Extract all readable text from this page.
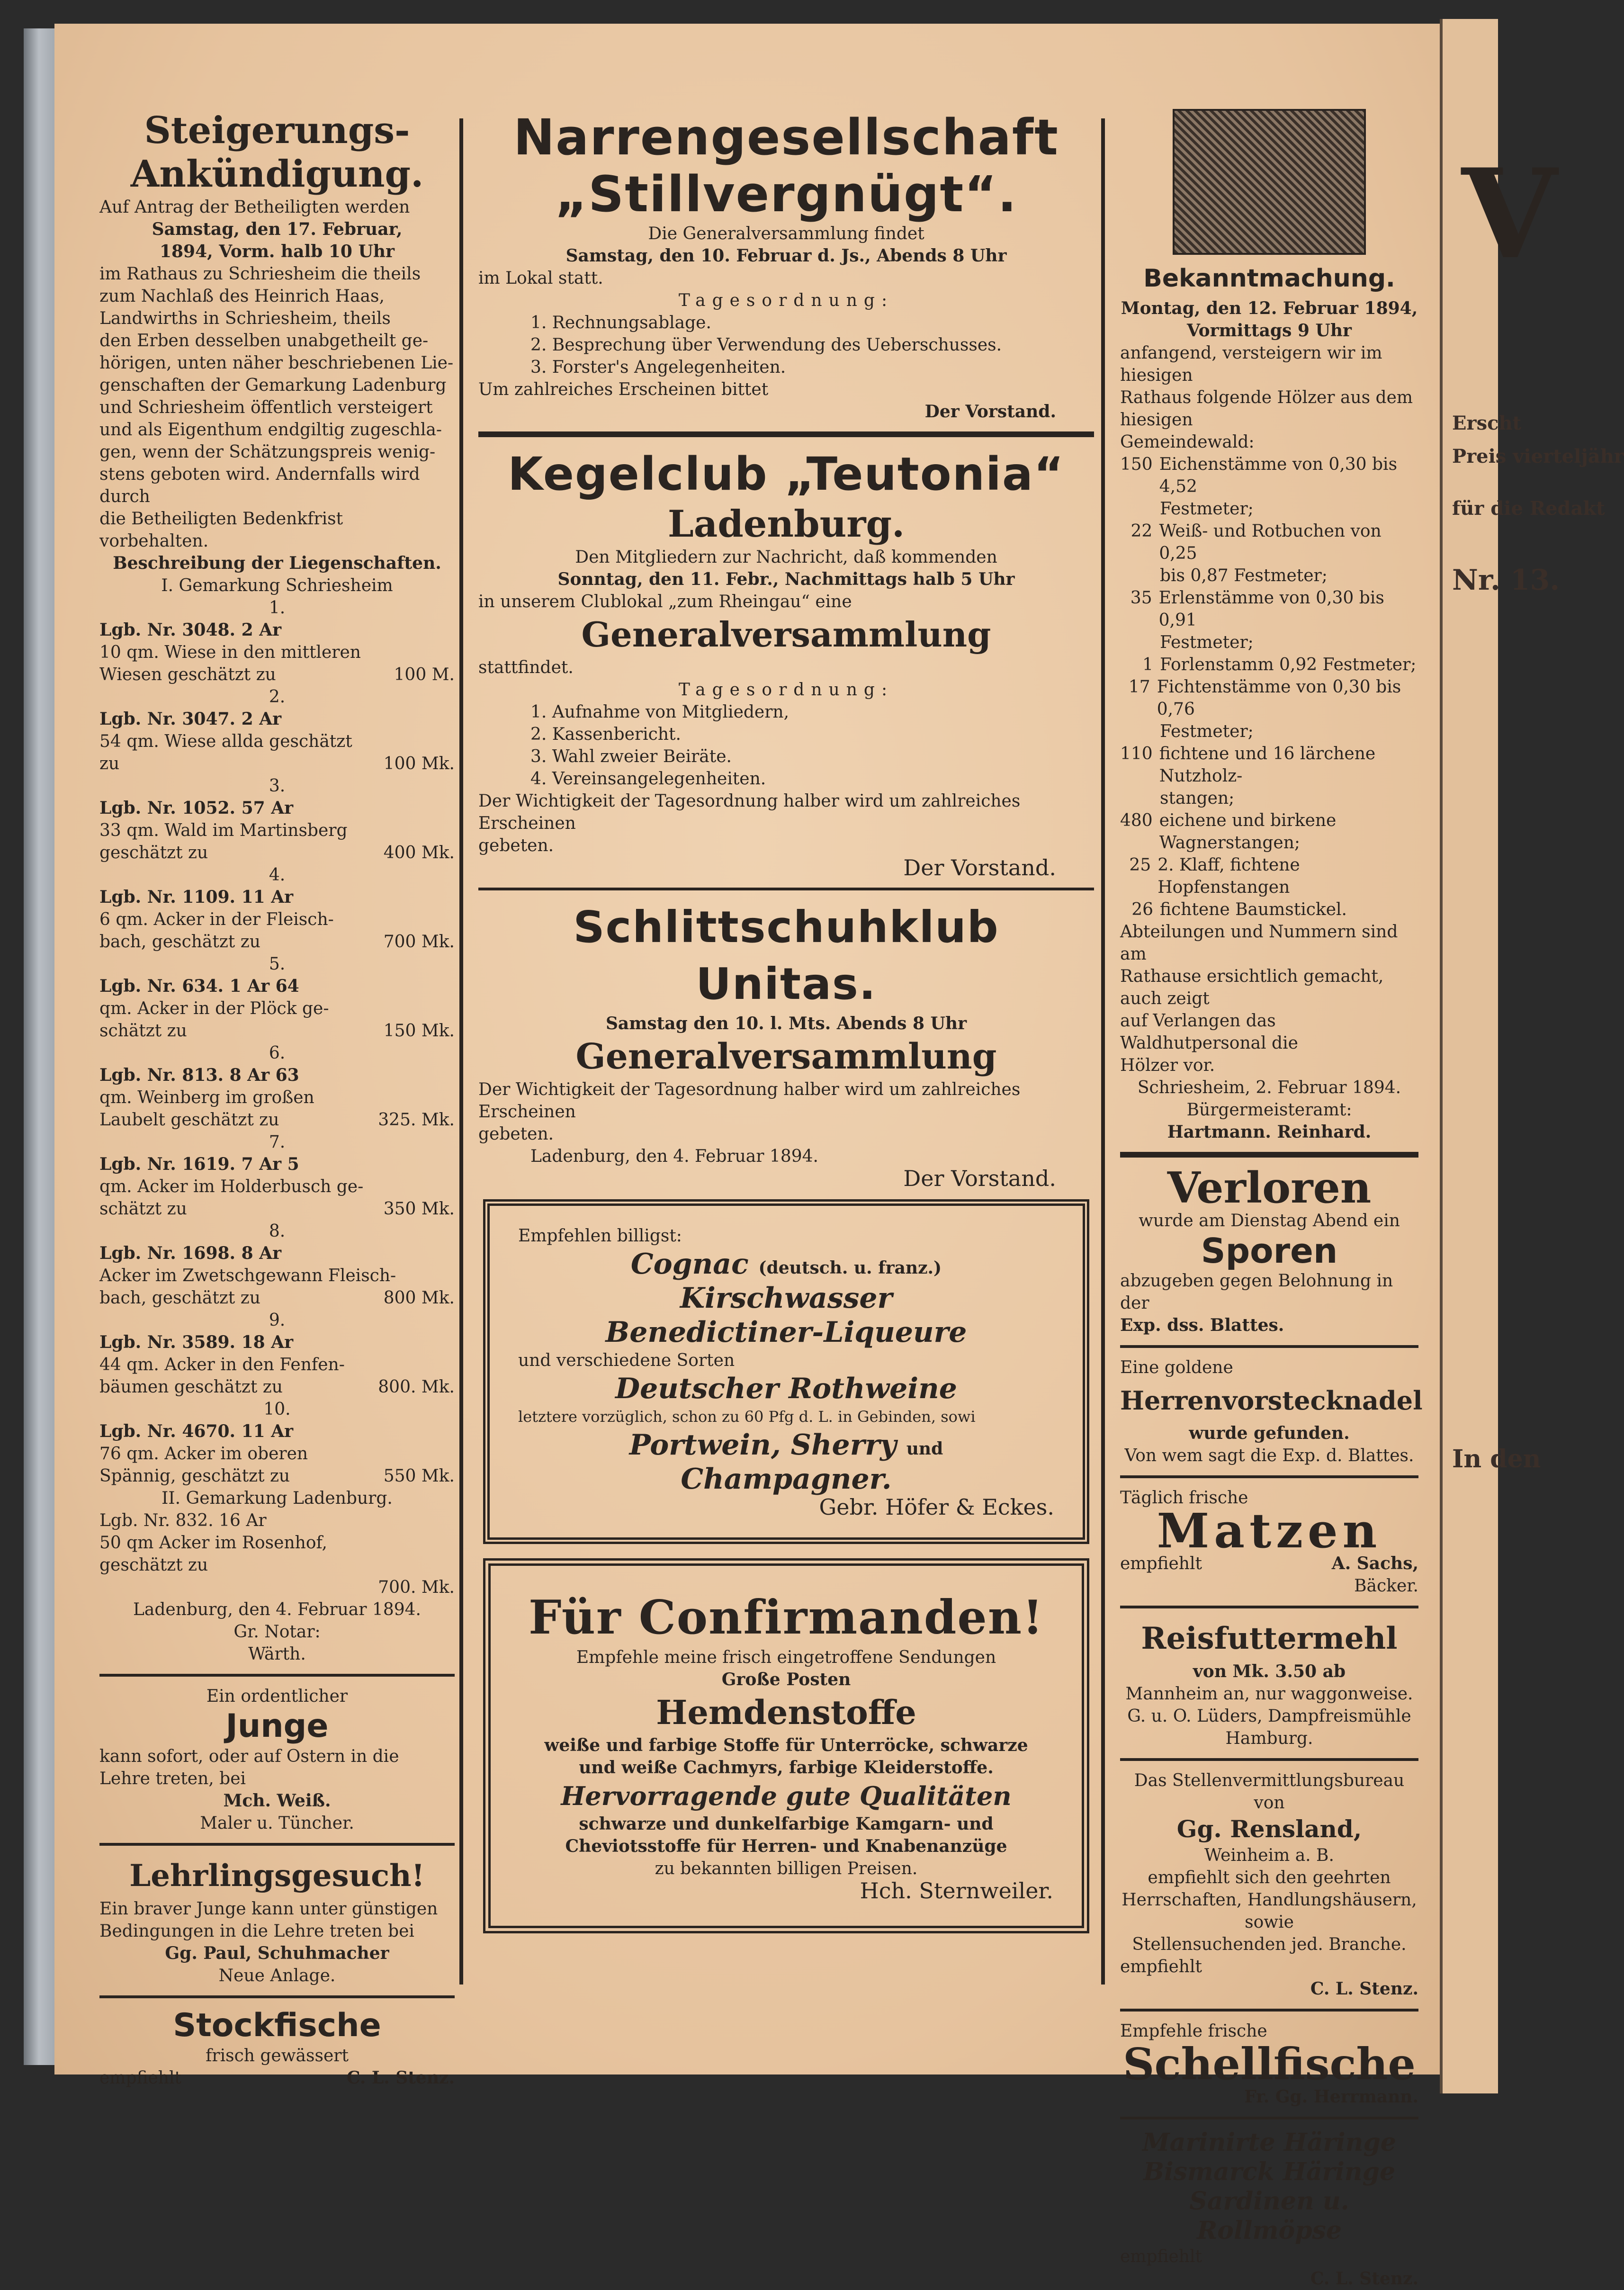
V
Erscht
Preis vierteljähr
für die Redakt
Nr. 13.
In den
Steigerungs-
Ankündigung.
Auf Antrag der Betheiligten werden
Samstag, den 17. Februar,
1894, Vorm. halb 10 Uhr
im Rathaus zu Schriesheim die theils
zum Nachlaß des Heinrich Haas,
Landwirths in Schriesheim, theils
den Erben desselben unabgetheilt ge-
hörigen, unten näher beschriebenen Lie-
genschaften der Gemarkung Ladenburg
und Schriesheim öffentlich versteigert
und als Eigenthum endgiltig zugeschla-
gen, wenn der Schätzungspreis wenig-
stens geboten wird. Andernfalls wird durch
die Betheiligten Bedenkfrist vorbehalten.
Beschreibung der Liegenschaften.
I. Gemarkung Schriesheim
1.
Lgb. Nr. 3048. 2 Ar
10 qm. Wiese in den mittleren
Wiesen geschätzt zu	100 M.
2.
Lgb. Nr. 3047. 2 Ar
54 qm. Wiese allda geschätzt
zu	100 Mk.
3.
Lgb. Nr. 1052. 57 Ar
33 qm. Wald im Martinsberg
geschätzt zu	400 Mk.
4.
Lgb. Nr. 1109. 11 Ar
6 qm. Acker in der Fleisch-
bach, geschätzt zu	700 Mk.
5.
Lgb. Nr. 634. 1 Ar 64
qm. Acker in der Plöck ge-
schätzt zu	150 Mk.
6.
Lgb. Nr. 813. 8 Ar 63
qm. Weinberg im großen
Laubelt geschätzt zu	325. Mk.
7.
Lgb. Nr. 1619. 7 Ar 5
qm. Acker im Holderbusch ge-
schätzt zu	350 Mk.
8.
Lgb. Nr. 1698. 8 Ar
Acker im Zwetschgewann Fleisch-
bach, geschätzt zu	800 Mk.
9.
Lgb. Nr. 3589. 18 Ar
44 qm. Acker in den Fenfen-
bäumen geschätzt zu	800. Mk.
10.
Lgb. Nr. 4670. 11 Ar
76 qm. Acker im oberen
Spännig, geschätzt zu	550 Mk.
II. Gemarkung Ladenburg.
Lgb. Nr. 832. 16 Ar
50 qm Acker im Rosenhof,
geschätzt zu
700. Mk.
Ladenburg, den 4. Februar 1894.
Gr. Notar:
Wärth.
Ein ordentlicher
Junge
kann sofort, oder auf Ostern in die
Lehre treten, bei
Mch. Weiß.
Maler u. Tüncher.
Lehrlingsgesuch!
Ein braver Junge kann unter günstigen
Bedingungen in die Lehre treten bei
Gg. Paul, Schuhmacher
Neue Anlage.
Stockfische
frisch gewässert
empfiehlt	C. L. Stenz.
Narrengesellschaft
„Stillvergnügt“.
Die Generalversammlung findet
Samstag, den 10. Februar d. Js., Abends 8 Uhr
im Lokal statt.
Tagesordnung:
1. Rechnungsablage.
2. Besprechung über Verwendung des Ueberschusses.
3. Forster's Angelegenheiten.
Um zahlreiches Erscheinen bittet
Der Vorstand.
Kegelclub „Teutonia“
Ladenburg.
Den Mitgliedern zur Nachricht, daß kommenden
Sonntag, den 11. Febr., Nachmittags halb 5 Uhr
in unserem Clublokal „zum Rheingau“ eine
Generalversammlung
stattfindet.
Tagesordnung:
1. Aufnahme von Mitgliedern,
2. Kassenbericht.
3. Wahl zweier Beiräte.
4. Vereinsangelegenheiten.
Der Wichtigkeit der Tagesordnung halber wird um zahlreiches Erscheinen
gebeten.
Der Vorstand.
Schlittschuhklub Unitas.
Samstag den 10. l. Mts. Abends 8 Uhr
Generalversammlung
Der Wichtigkeit der Tagesordnung halber wird um zahlreiches Erscheinen
gebeten.
Ladenburg, den 4. Februar 1894.
Der Vorstand.
Empfehlen billigst:
Cognac (deutsch. u. franz.)
Kirschwasser
Benedictiner-Liqueure
und verschiedene Sorten
Deutscher Rothweine
letztere vorzüglich, schon zu 60 Pfg d. L. in Gebinden, sowi
Portwein, Sherry und
Champagner.
Gebr. Höfer & Eckes.
Für Confirmanden!
Empfehle meine frisch eingetroffene Sendungen
Große Posten
Hemdenstoffe
weiße und farbige Stoffe für Unterröcke, schwarze
und weiße Cachmyrs, farbige Kleiderstoffe.
Hervorragende gute Qualitäten
schwarze und dunkelfarbige Kamgarn- und
Cheviotsstoffe für Herren- und Knabenanzüge
zu bekannten billigen Preisen.
Hch. Sternweiler.
Bekanntmachung.
Montag, den 12. Februar 1894,
Vormittags 9 Uhr
anfangend, versteigern wir im hiesigen
Rathaus folgende Hölzer aus dem hiesigen
Gemeindewald:
150 Eichenstämme von 0,30 bis 4,52
Festmeter;
22 Weiß- und Rotbuchen von 0,25
bis 0,87 Festmeter;
35 Erlenstämme von 0,30 bis 0,91
Festmeter;
1 Forlenstamm 0,92 Festmeter;
17 Fichtenstämme von 0,30 bis 0,76
Festmeter;
110 fichtene und 16 lärchene Nutzholz-
stangen;
480 eichene und birkene Wagnerstangen;
25 2. Klaff, fichtene Hopfenstangen
26 fichtene Baumstickel.
Abteilungen und Nummern sind am
Rathause ersichtlich gemacht, auch zeigt
auf Verlangen das Waldhutpersonal die
Hölzer vor.
Schriesheim, 2. Februar 1894.
Bürgermeisteramt:
Hartmann. Reinhard.
Verloren
wurde am Dienstag Abend ein
Sporen
abzugeben gegen Belohnung in der
Exp. dss. Blattes.
Eine goldene
Herrenvorstecknadel
wurde gefunden.
Von wem sagt die Exp. d. Blattes.
Täglich frische
Matzen
empfiehlt	A. Sachs,
Bäcker.
Reisfuttermehl
von Mk. 3.50 ab
Mannheim an, nur waggonweise.
G. u. O. Lüders, Dampfreismühle
Hamburg.
Das Stellenvermittlungsbureau von
Gg. Rensland,
Weinheim a. B.
empfiehlt sich den geehrten
Herrschaften, Handlungshäusern,
sowie
Stellensuchenden jed. Branche.
empfiehlt
C. L. Stenz.
Empfehle frische
Schellfische
Fr. Gg. Herrmann.
Marinirte Häringe
Bismarck Häringe
Sardinen u. Rollmöpse
empfiehlt
C. L. Stenz.
